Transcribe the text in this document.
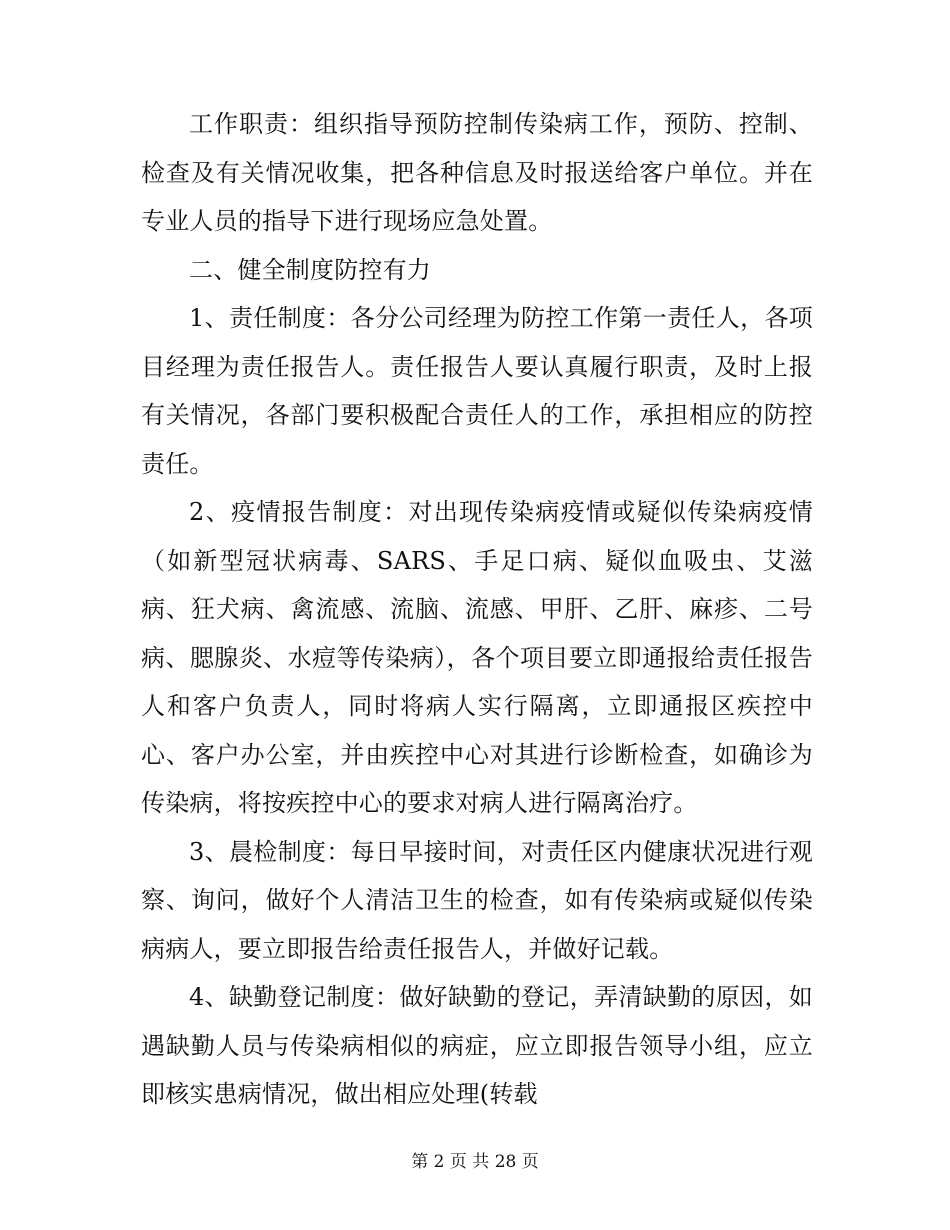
工作职责：组织指导预防控制传染病工作，预防、控制、检查及有关情况收集，把各种信息及时报送给客户单位。并在专业人员的指导下进行现场应急处置。

二、健全制度防控有力

1、责任制度：各分公司经理为防控工作第一责任人，各项目经理为责任报告人。责任报告人要认真履行职责，及时上报有关情况，各部门要积极配合责任人的工作，承担相应的防控责任。

2、疫情报告制度：对出现传染病疫情或疑似传染病疫情（如新型冠状病毒、SARS、手足口病、疑似血吸虫、艾滋病、狂犬病、禽流感、流脑、流感、甲肝、乙肝、麻疹、二号病、腮腺炎、水痘等传染病），各个项目要立即通报给责任报告人和客户负责人，同时将病人实行隔离，立即通报区疾控中心、客户办公室，并由疾控中心对其进行诊断检查，如确诊为传染病，将按疾控中心的要求对病人进行隔离治疗。

3、晨检制度：每日早接时间，对责任区内健康状况进行观察、询问，做好个人清洁卫生的检查，如有传染病或疑似传染病病人，要立即报告给责任报告人，并做好记载。

4、缺勤登记制度：做好缺勤的登记，弄清缺勤的原因，如遇缺勤人员与传染病相似的病症，应立即报告领导小组，应立即核实患病情况，做出相应处理(转载

第 2 页 共 28 页
